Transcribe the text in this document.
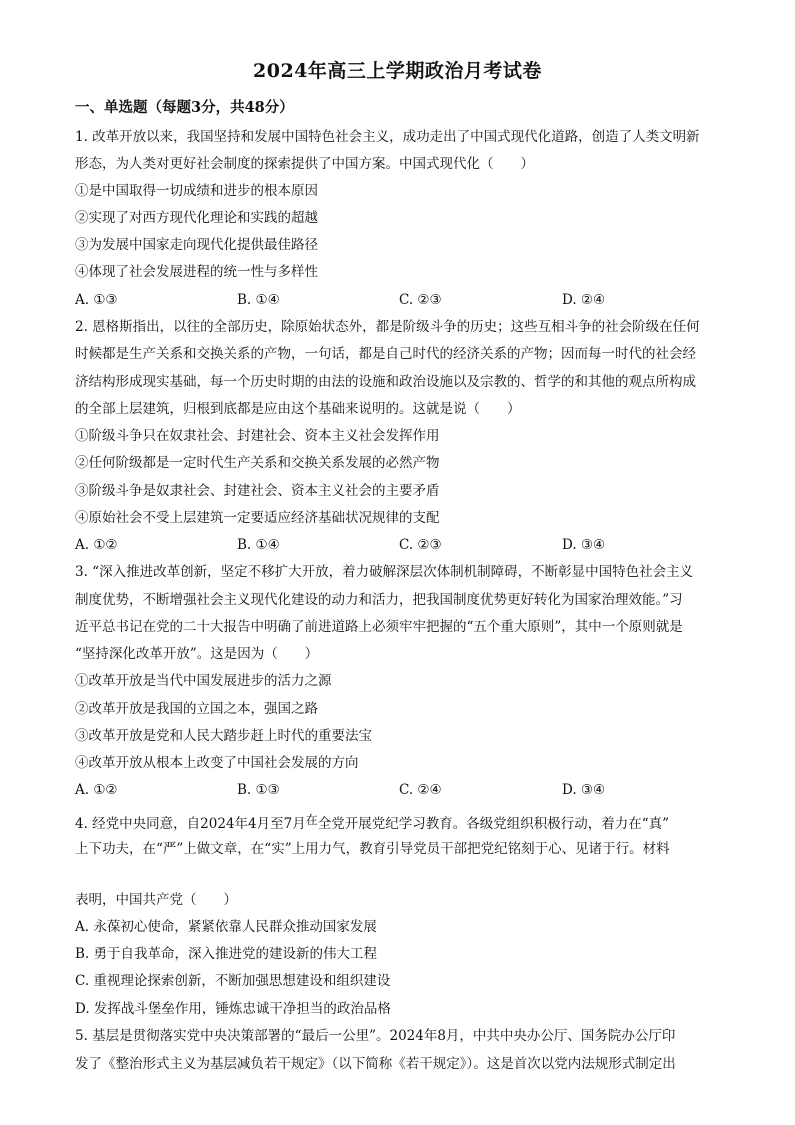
2024年高三上学期政治月考试卷
一、单选题（每题3分，共48分）
1. 改革开放以来，我国坚持和发展中国特色社会主义，成功走出了中国式现代化道路，创造了人类文明新
形态，为人类对更好社会制度的探索提供了中国方案。中国式现代化（　　）
①是中国取得一切成绩和进步的根本原因
②实现了对西方现代化理论和实践的超越
③为发展中国家走向现代化提供最佳路径
④体现了社会发展进程的统一性与多样性
A. ①③	B. ①④	C. ②③	D. ②④
2. 恩格斯指出，以往的全部历史，除原始状态外，都是阶级斗争的历史；这些互相斗争的社会阶级在任何
时候都是生产关系和交换关系的产物，一句话，都是自己时代的经济关系的产物；因而每一时代的社会经
济结构形成现实基础，每一个历史时期的由法的设施和政治设施以及宗教的、哲学的和其他的观点所构成
的全部上层建筑，归根到底都是应由这个基础来说明的。这就是说（　　）
①阶级斗争只在奴隶社会、封建社会、资本主义社会发挥作用
②任何阶级都是一定时代生产关系和交换关系发展的必然产物
③阶级斗争是奴隶社会、封建社会、资本主义社会的主要矛盾
④原始社会不受上层建筑一定要适应经济基础状况规律的支配
A. ①②	B. ①④	C. ②③	D. ③④
3. “深入推进改革创新，坚定不移扩大开放，着力破解深层次体制机制障碍，不断彰显中国特色社会主义
制度优势，不断增强社会主义现代化建设的动力和活力，把我国制度优势更好转化为国家治理效能。”习
近平总书记在党的二十大报告中明确了前进道路上必须牢牢把握的“五个重大原则”，其中一个原则就是
“坚持深化改革开放”。这是因为（　　）
①改革开放是当代中国发展进步的活力之源
②改革开放是我国的立国之本，强国之路
③改革开放是党和人民大踏步赶上时代的重要法宝
④改革开放从根本上改变了中国社会发展的方向
A. ①②	B. ①③	C. ②④	D. ③④
4. 经党中央同意，自2024年4月至7月在全党开展党纪学习教育。各级党组织积极行动，着力在“真”
上下功夫，在“严”上做文章，在“实”上用力气，教育引导党员干部把党纪铭刻于心、见诸于行。材料
表明，中国共产党（　　）
A. 永葆初心使命，紧紧依靠人民群众推动国家发展
B. 勇于自我革命，深入推进党的建设新的伟大工程
C. 重视理论探索创新，不断加强思想建设和组织建设
D. 发挥战斗堡垒作用，锤炼忠诚干净担当的政治品格
5. 基层是贯彻落实党中央决策部署的“最后一公里”。2024年8月，中共中央办公厅、国务院办公厅印
发了《整治形式主义为基层减负若干规定》（以下简称《若干规定》）。这是首次以党内法规形式制定出
